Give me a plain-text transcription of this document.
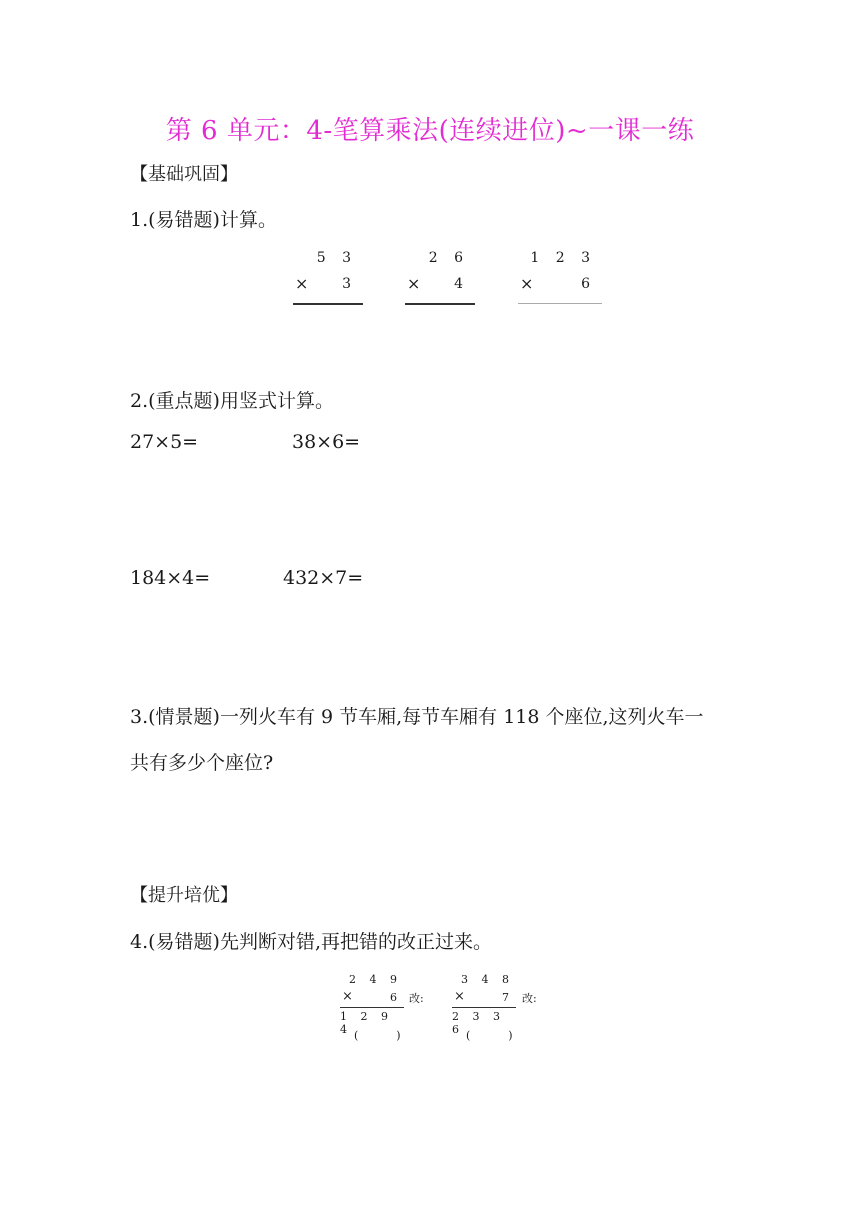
第 6 单元：4-笔算乘法(连续进位)~一课一练
【基础巩固】
1.(易错题)计算。
5 3
× 3
2 6
× 4
1 2 3
×	6
2.(重点题)用竖式计算。
27×5=	38×6=
184×4=	432×7=
3.(情景题)一列火车有 9 节车厢,每节车厢有 118 个座位,这列火车一
共有多少个座位?
【提升培优】
4.(易错题)先判断对错,再把错的改正过来。
2 4 9
×	6
1 2 9 4 (	)
改:
3 4 8
×	7
2 3 3 6 (	)
改:
